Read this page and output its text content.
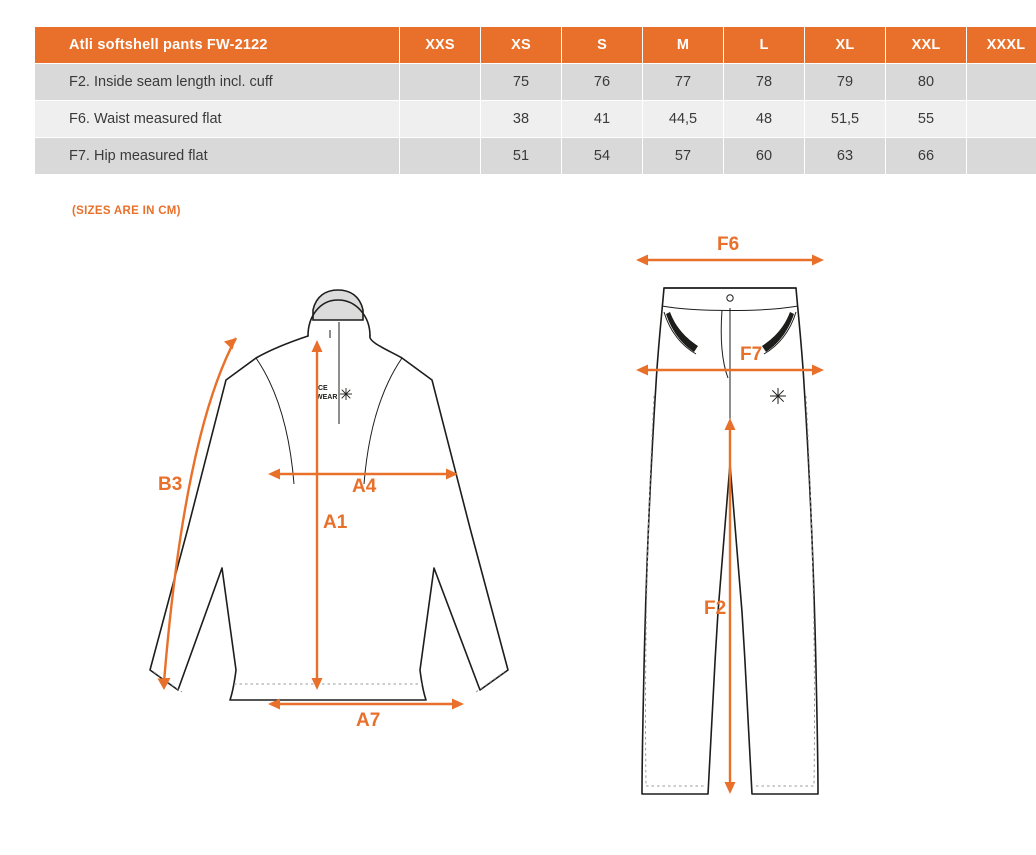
Atli softshell pants FW-2122	XXS	XS	S	M	L	XL	XXL	XXXL
F2. Inside seam length incl. cuff		75	76	77	78	79	80	
F6. Waist measured flat		38	41	44,5	48	51,5	55	
F7. Hip measured flat		51	54	57	60	63	66	
(SIZES ARE IN CM)
ICE
WEAR
B3	A4
A1
A7
F6
F7
F2
